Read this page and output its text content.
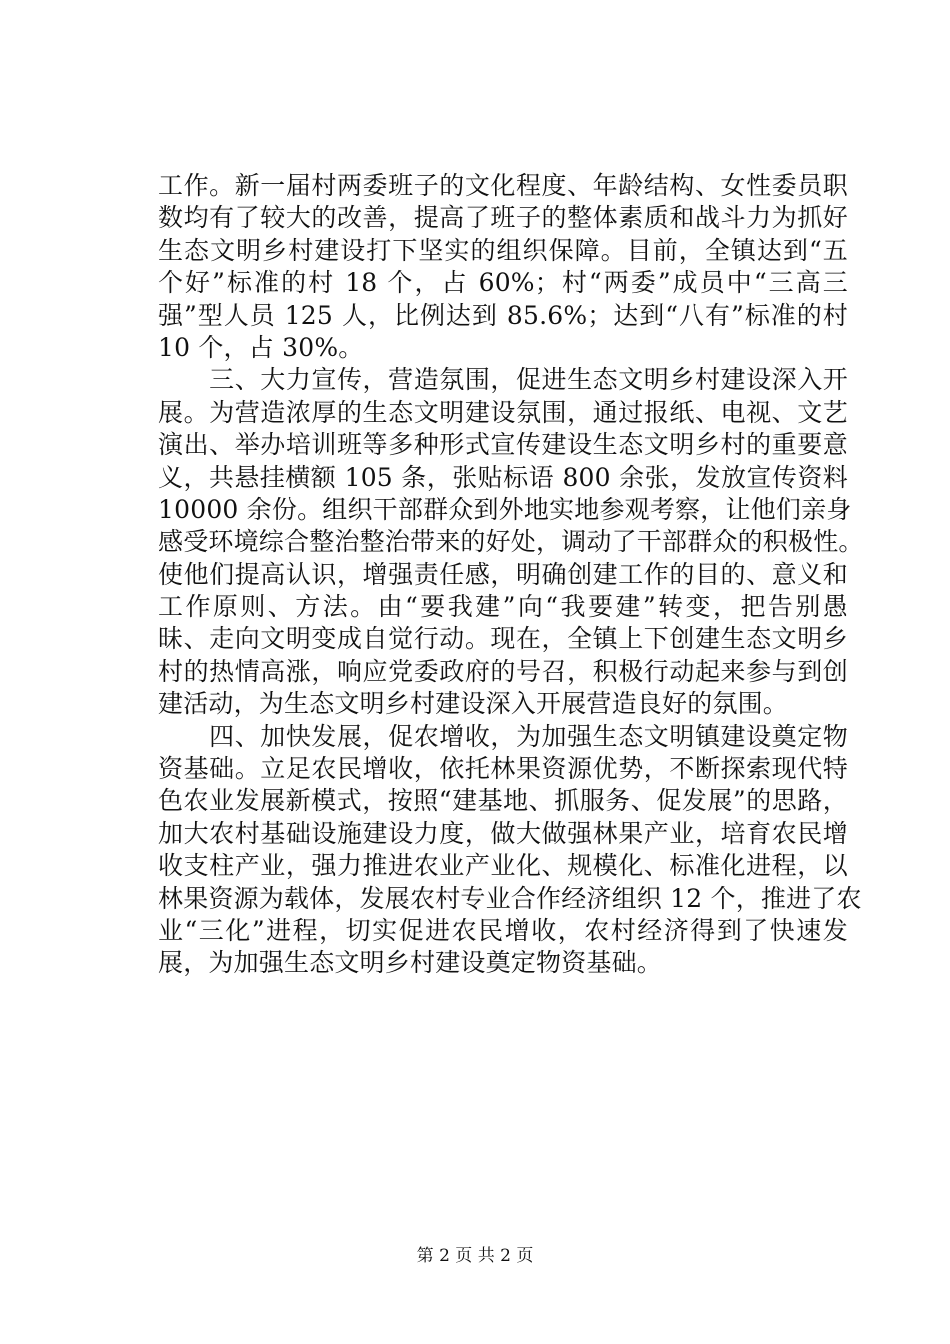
工作。新一届村两委班子的文化程度、年龄结构、女性委员职
数均有了较大的改善，提高了班子的整体素质和战斗力为抓好
生态文明乡村建设打下坚实的组织保障。目前，全镇达到“五
个好”标准的村 18 个，占 60%；村“两委”成员中“三高三
强”型人员 125 人，比例达到 85.6%；达到“八有”标准的村
10 个，占 30%。
　　三、大力宣传，营造氛围，促进生态文明乡村建设深入开
展。为营造浓厚的生态文明建设氛围，通过报纸、电视、文艺
演出、举办培训班等多种形式宣传建设生态文明乡村的重要意
义，共悬挂横额 105 条，张贴标语 800 余张，发放宣传资料
10000 余份。组织干部群众到外地实地参观考察，让他们亲身
感受环境综合整治整治带来的好处，调动了干部群众的积极性。
使他们提高认识，增强责任感，明确创建工作的目的、意义和
工作原则、方法。由“要我建”向“我要建”转变，把告别愚
昧、走向文明变成自觉行动。现在，全镇上下创建生态文明乡
村的热情高涨，响应党委政府的号召，积极行动起来参与到创
建活动，为生态文明乡村建设深入开展营造良好的氛围。
　　四、加快发展，促农增收，为加强生态文明镇建设奠定物
资基础。立足农民增收，依托林果资源优势，不断探索现代特
色农业发展新模式，按照“建基地、抓服务、促发展”的思路，
加大农村基础设施建设力度，做大做强林果产业，培育农民增
收支柱产业，强力推进农业产业化、规模化、标准化进程，以
林果资源为载体，发展农村专业合作经济组织 12 个，推进了农
业“三化”进程，切实促进农民增收，农村经济得到了快速发
展，为加强生态文明乡村建设奠定物资基础。
第 2 页 共 2 页
